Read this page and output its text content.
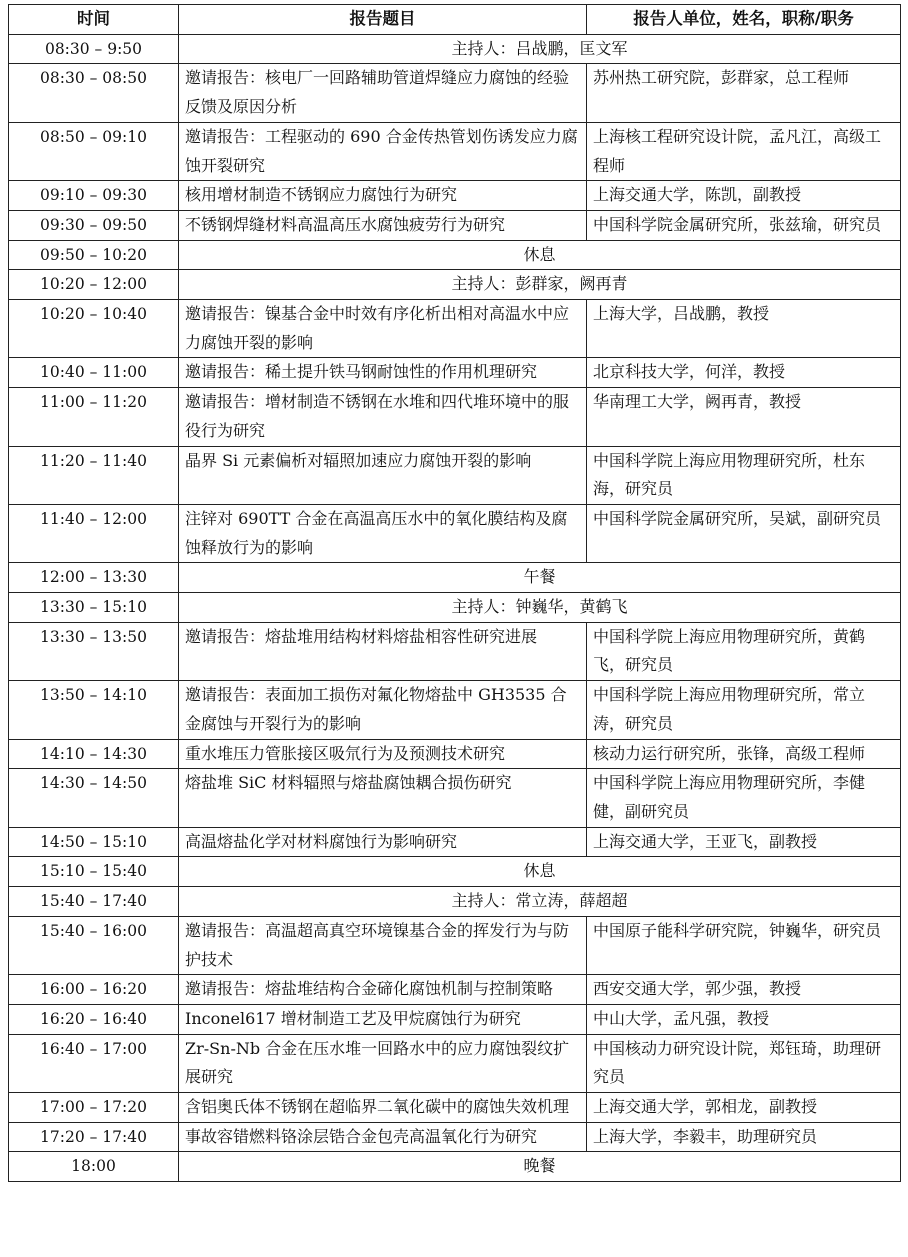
时间	报告题目	报告人单位，姓名，职称/职务
08:30 – 9:50	主持人：吕战鹏，匡文军	
08:30 – 08:50	邀请报告：核电厂一回路辅助管道焊缝应力腐蚀的经验反馈及原因分析	苏州热工研究院，彭群家，总工程师
08:50 – 09:10	邀请报告：工程驱动的 690 合金传热管划伤诱发应力腐蚀开裂研究	上海核工程研究设计院，孟凡江，高级工程师
09:10 – 09:30	核用增材制造不锈钢应力腐蚀行为研究	上海交通大学，陈凯，副教授
09:30 – 09:50	不锈钢焊缝材料高温高压水腐蚀疲劳行为研究	中国科学院金属研究所，张兹瑜，研究员
09:50 – 10:20	休息	
10:20 – 12:00	主持人：彭群家，阙再青	
10:20 – 10:40	邀请报告：镍基合金中时效有序化析出相对高温水中应力腐蚀开裂的影响	上海大学，吕战鹏，教授
10:40 – 11:00	邀请报告：稀土提升铁马钢耐蚀性的作用机理研究	北京科技大学，何洋，教授
11:00 – 11:20	邀请报告：增材制造不锈钢在水堆和四代堆环境中的服役行为研究	华南理工大学，阙再青，教授
11:20 – 11:40	晶界 Si 元素偏析对辐照加速应力腐蚀开裂的影响	中国科学院上海应用物理研究所，杜东海，研究员
11:40 – 12:00	注锌对 690TT 合金在高温高压水中的氧化膜结构及腐蚀释放行为的影响	中国科学院金属研究所，吴斌，副研究员
12:00 – 13:30	午餐	
13:30 – 15:10	主持人：钟巍华，黄鹤飞	
13:30 – 13:50	邀请报告：熔盐堆用结构材料熔盐相容性研究进展	中国科学院上海应用物理研究所，黄鹤飞，研究员
13:50 – 14:10	邀请报告：表面加工损伤对氟化物熔盐中 GH3535 合金腐蚀与开裂行为的影响	中国科学院上海应用物理研究所，常立涛，研究员
14:10 – 14:30	重水堆压力管胀接区吸氘行为及预测技术研究	核动力运行研究所，张锋，高级工程师
14:30 – 14:50	熔盐堆 SiC 材料辐照与熔盐腐蚀耦合损伤研究	中国科学院上海应用物理研究所，李健健，副研究员
14:50 – 15:10	高温熔盐化学对材料腐蚀行为影响研究	上海交通大学，王亚飞，副教授
15:10 – 15:40	休息	
15:40 – 17:40	主持人：常立涛，薛超超	
15:40 – 16:00	邀请报告：高温超高真空环境镍基合金的挥发行为与防护技术	中国原子能科学研究院，钟巍华，研究员
16:00 – 16:20	邀请报告：熔盐堆结构合金碲化腐蚀机制与控制策略	西安交通大学，郭少强，教授
16:20 – 16:40	Inconel617 增材制造工艺及甲烷腐蚀行为研究	中山大学，孟凡强，教授
16:40 – 17:00	Zr-Sn-Nb 合金在压水堆一回路水中的应力腐蚀裂纹扩展研究	中国核动力研究设计院，郑钰琦，助理研究员
17:00 – 17:20	含铝奥氏体不锈钢在超临界二氧化碳中的腐蚀失效机理	上海交通大学，郭相龙，副教授
17:20 – 17:40	事故容错燃料铬涂层锆合金包壳高温氧化行为研究	上海大学，李毅丰，助理研究员
18:00	晚餐	
